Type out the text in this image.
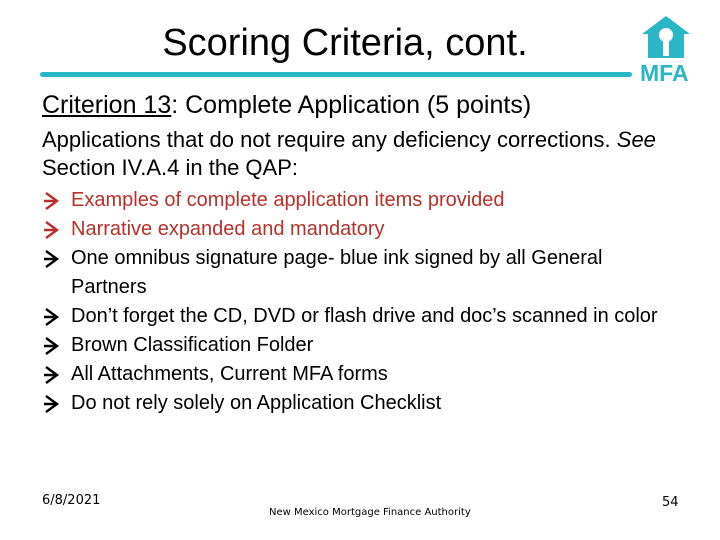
Scoring Criteria, cont.
MFA
Criterion 13: Complete Application (5 points)
Applications that do not require any deficiency corrections. See Section IV.A.4 in the QAP:
Examples of complete application items provided
Narrative expanded and mandatory
One omnibus signature page- blue ink signed by all General Partners
Don’t forget the CD, DVD or flash drive and doc’s scanned in color
Brown Classification Folder
All Attachments, Current MFA forms
Do not rely solely on Application Checklist
6/8/2021
New Mexico Mortgage Finance Authority
54
